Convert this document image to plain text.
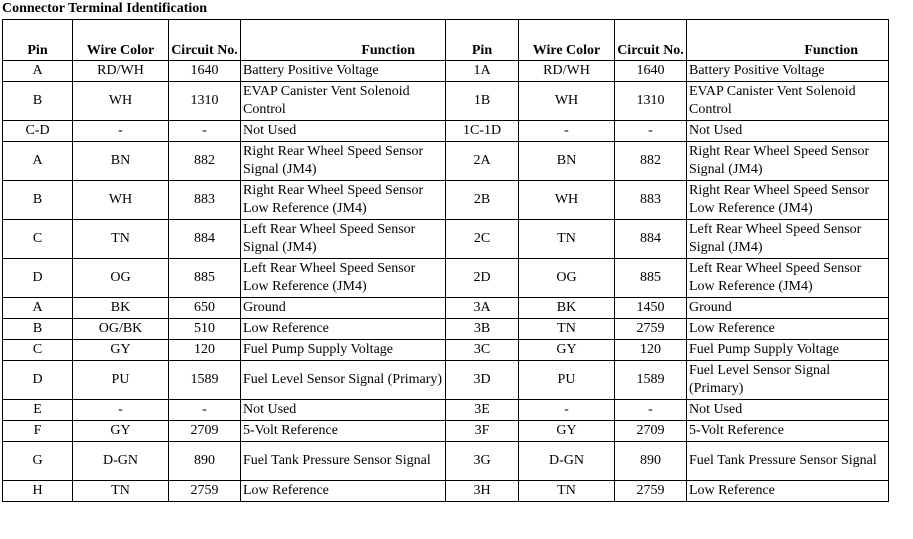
Connector Terminal Identification
Pin	Wire Color	Circuit No.	Function	Pin	Wire Color	Circuit No.	Function
A	RD/WH	1640	Battery Positive Voltage	1A	RD/WH	1640	Battery Positive Voltage
B	WH	1310	EVAP Canister Vent Solenoid Control	1B	WH	1310	EVAP Canister Vent Solenoid Control
C-D	-	-	Not Used	1C-1D	-	-	Not Used
A	BN	882	Right Rear Wheel Speed Sensor Signal (JM4)	2A	BN	882	Right Rear Wheel Speed Sensor Signal (JM4)
B	WH	883	Right Rear Wheel Speed Sensor Low Reference (JM4)	2B	WH	883	Right Rear Wheel Speed Sensor Low Reference (JM4)
C	TN	884	Left Rear Wheel Speed Sensor Signal (JM4)	2C	TN	884	Left Rear Wheel Speed Sensor Signal (JM4)
D	OG	885	Left Rear Wheel Speed Sensor Low Reference (JM4)	2D	OG	885	Left Rear Wheel Speed Sensor Low Reference (JM4)
A	BK	650	Ground	3A	BK	1450	Ground
B	OG/BK	510	Low Reference	3B	TN	2759	Low Reference
C	GY	120	Fuel Pump Supply Voltage	3C	GY	120	Fuel Pump Supply Voltage
D	PU	1589	Fuel Level Sensor Signal (Primary)	3D	PU	1589	Fuel Level Sensor Signal (Primary)
E	-	-	Not Used	3E	-	-	Not Used
F	GY	2709	5-Volt Reference	3F	GY	2709	5-Volt Reference
G	D-GN	890	Fuel Tank Pressure Sensor Signal	3G	D-GN	890	Fuel Tank Pressure Sensor Signal
H	TN	2759	Low Reference	3H	TN	2759	Low Reference
